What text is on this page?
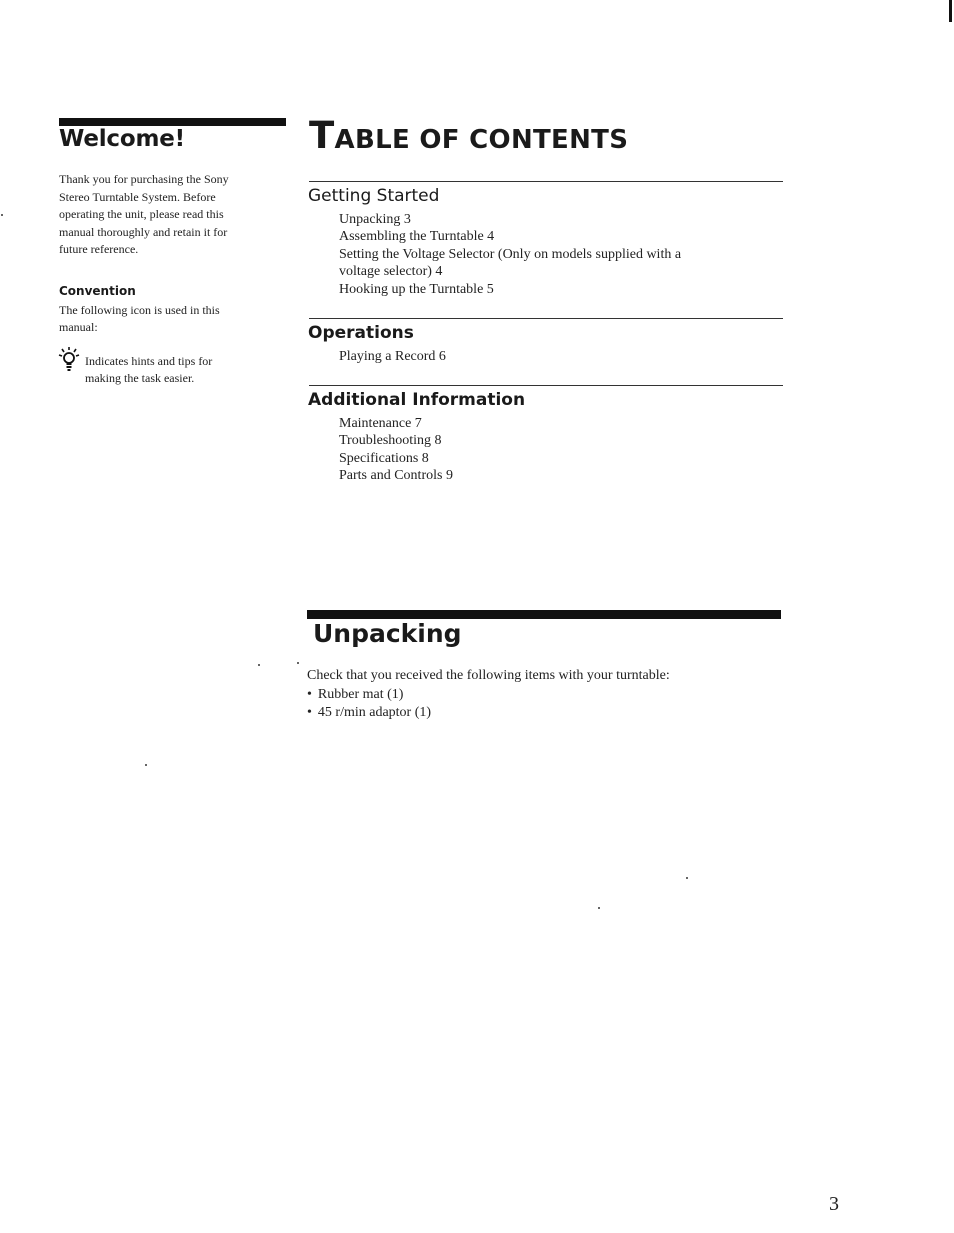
Welcome!
Thank you for purchasing the Sony
Stereo Turntable System. Before
operating the unit, please read this
manual thoroughly and retain it for
future reference.
Convention
The following icon is used in this
manual:
Indicates hints and tips for
making the task easier.
TABLE OF CONTENTS
Getting Started
Unpacking 3
Assembling the Turntable 4
Setting the Voltage Selector (Only on models supplied with a
voltage selector) 4
Hooking up the Turntable 5
Operations
Playing a Record 6
Additional Information
Maintenance 7
Troubleshooting 8
Specifications 8
Parts and Controls 9
Unpacking
Check that you received the following items with your turntable:
• Rubber mat (1)
• 45 r/min adaptor (1)
3
